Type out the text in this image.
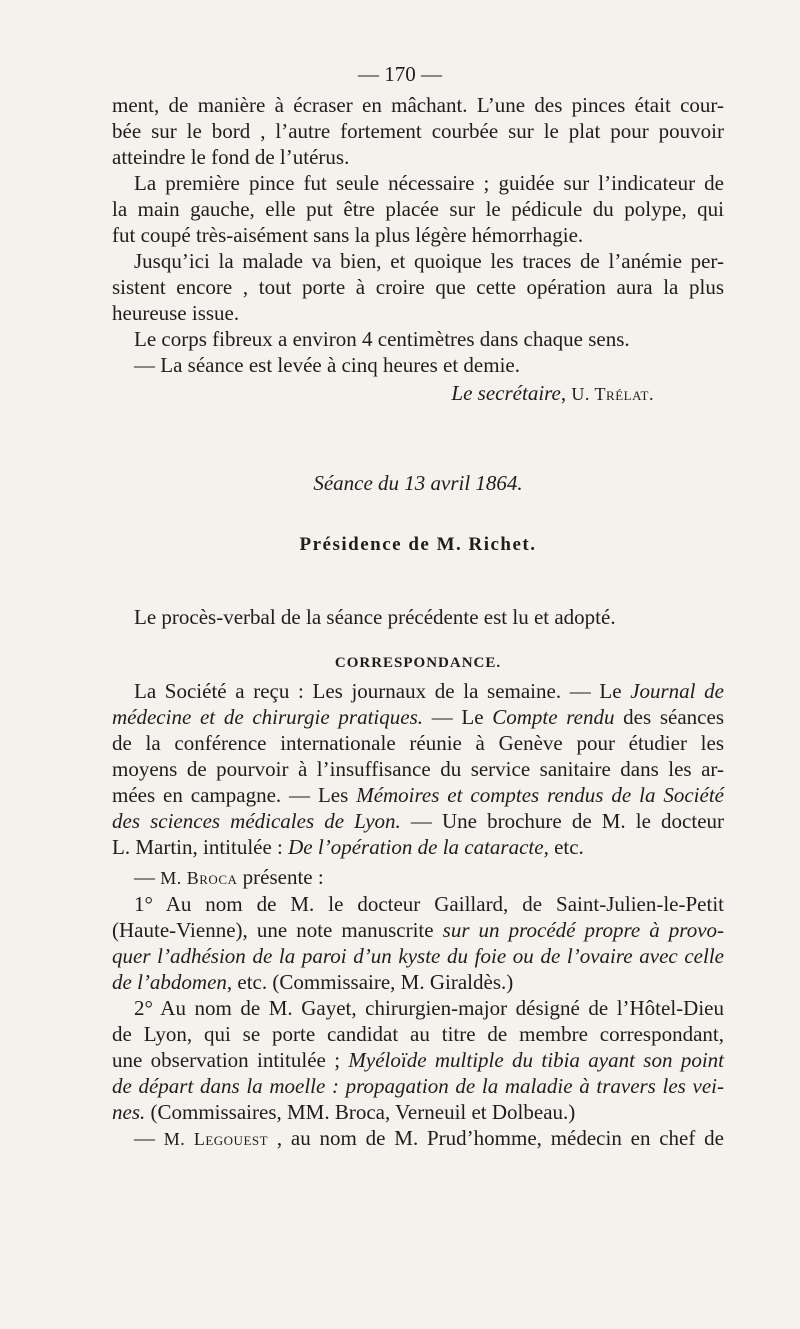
— 170 —
ment, de manière à écraser en mâchant. L’une des pinces était cour-
bée sur le bord , l’autre fortement courbée sur le plat pour pouvoir
atteindre le fond de l’utérus.
La première pince fut seule nécessaire ; guidée sur l’indicateur de
la main gauche, elle put être placée sur le pédicule du polype, qui
fut coupé très-aisément sans la plus légère hémorrhagie.
Jusqu’ici la malade va bien, et quoique les traces de l’anémie per-
sistent encore , tout porte à croire que cette opération aura la plus
heureuse issue.
Le corps fibreux a environ 4 centimètres dans chaque sens.
— La séance est levée à cinq heures et demie.
Le secrétaire, U. Trélat.
Séance du 13 avril 1864.
Présidence de M. Richet.
Le procès-verbal de la séance précédente est lu et adopté.
CORRESPONDANCE.
La Société a reçu : Les journaux de la semaine. — Le Journal de
médecine et de chirurgie pratiques. — Le Compte rendu des séances
de la conférence internationale réunie à Genève pour étudier les
moyens de pourvoir à l’insuffisance du service sanitaire dans les ar-
mées en campagne. — Les Mémoires et comptes rendus de la Société
des sciences médicales de Lyon. — Une brochure de M. le docteur
L. Martin, intitulée : De l’opération de la cataracte, etc.
— M. Broca présente :
1° Au nom de M. le docteur Gaillard, de Saint-Julien-le-Petit
(Haute-Vienne), une note manuscrite sur un procédé propre à provo-
quer l’adhésion de la paroi d’un kyste du foie ou de l’ovaire avec celle
de l’abdomen, etc. (Commissaire, M. Giraldès.)
2° Au nom de M. Gayet, chirurgien-major désigné de l’Hôtel-Dieu
de Lyon, qui se porte candidat au titre de membre correspondant,
une observation intitulée ; Myéloïde multiple du tibia ayant son point
de départ dans la moelle : propagation de la maladie à travers les vei-
nes. (Commissaires, MM. Broca, Verneuil et Dolbeau.)
— M. Legouest , au nom de M. Prud’homme, médecin en chef de
